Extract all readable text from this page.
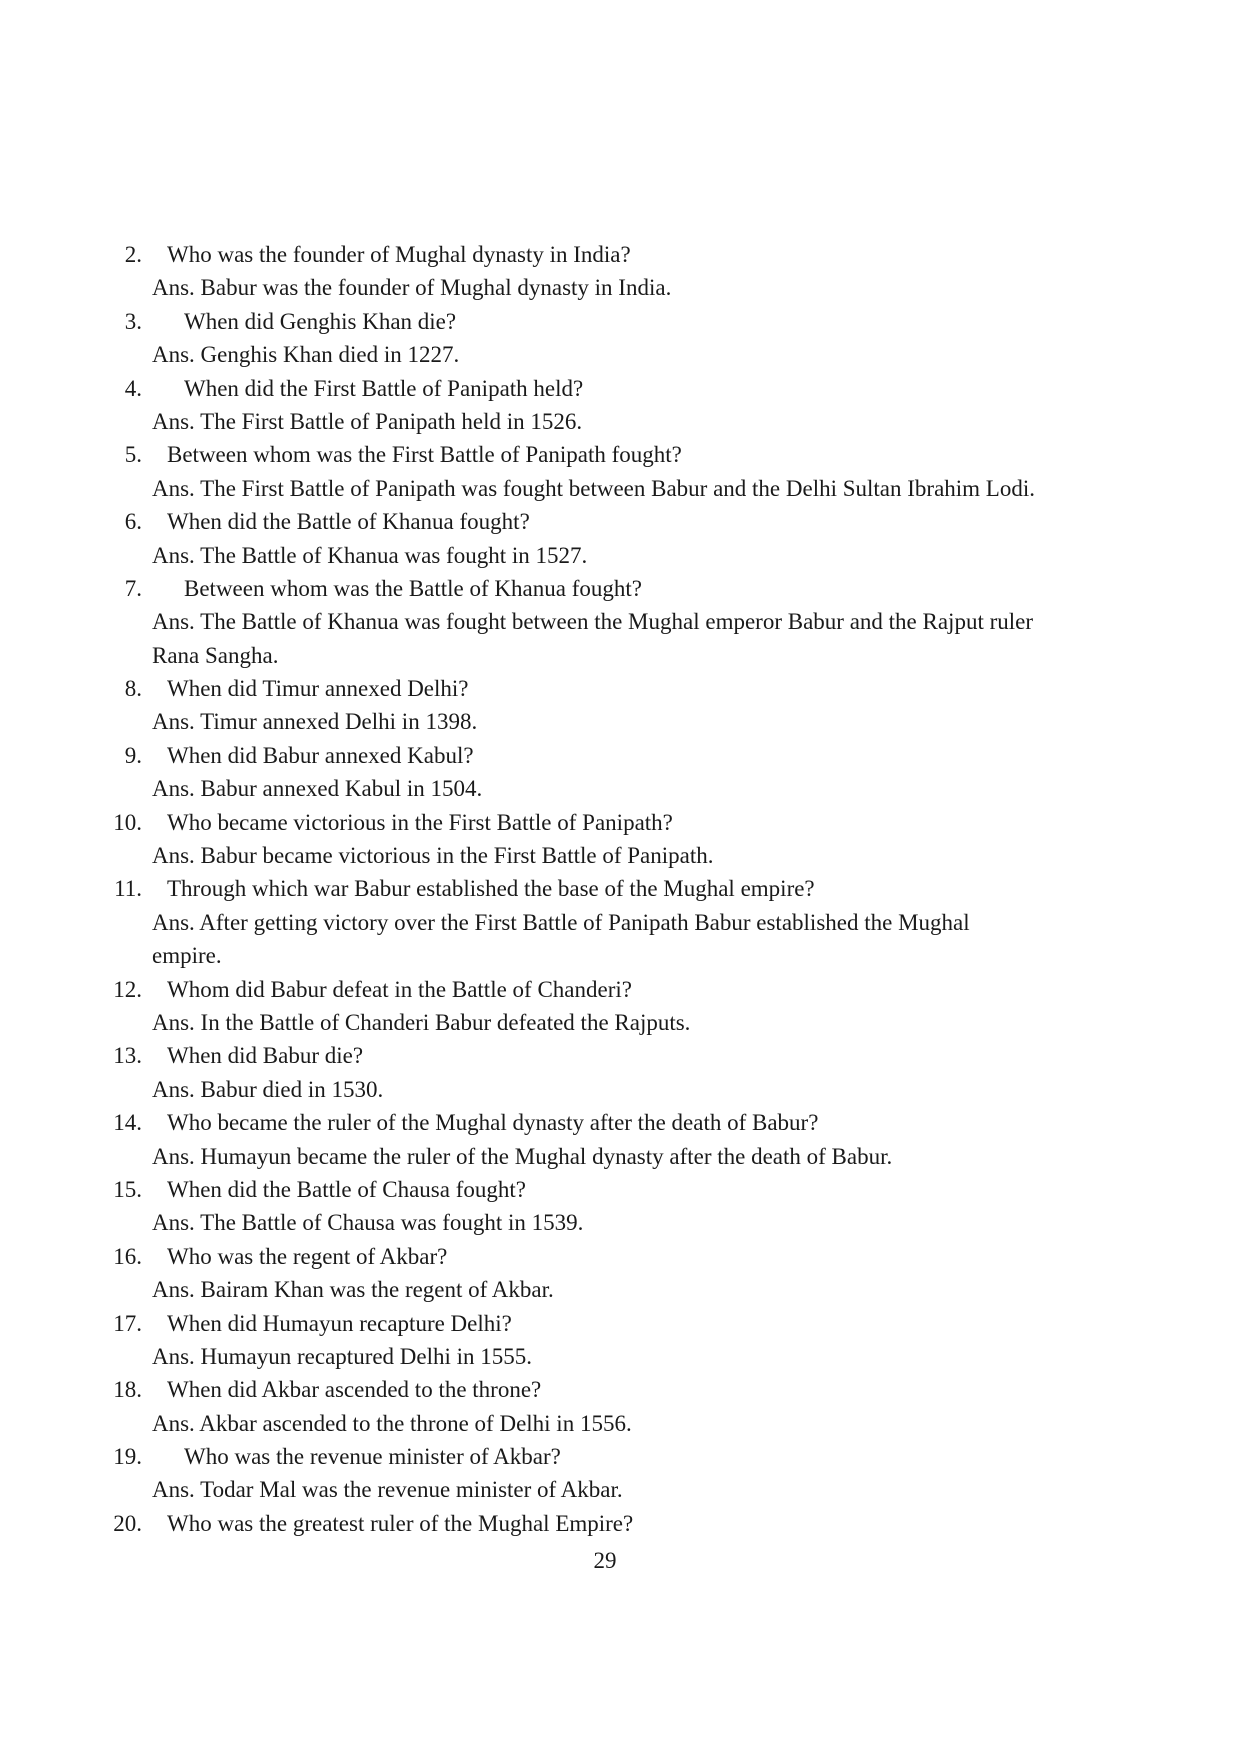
2. Who was the founder of Mughal dynasty in India?
Ans. Babur was the founder of Mughal dynasty in India.
3. When did Genghis Khan die?
Ans. Genghis Khan died in 1227.
4. When did the First Battle of Panipath held?
Ans. The First Battle of Panipath held in 1526.
5. Between whom was the First Battle of Panipath fought?
Ans. The First Battle of Panipath was fought between Babur and the Delhi Sultan Ibrahim Lodi.
6. When did the Battle of Khanua fought?
Ans. The Battle of Khanua was fought in 1527.
7. Between whom was the Battle of Khanua fought?
Ans. The Battle of Khanua was fought between the Mughal emperor Babur and the Rajput ruler
Rana Sangha.
8. When did Timur annexed Delhi?
Ans. Timur annexed Delhi in 1398.
9. When did Babur annexed Kabul?
Ans. Babur annexed Kabul in 1504.
10. Who became victorious in the First Battle of Panipath?
Ans. Babur became victorious in the First Battle of Panipath.
11. Through which war Babur established the base of the Mughal empire?
Ans. After getting victory over the First Battle of Panipath Babur established the Mughal
empire.
12. Whom did Babur defeat in the Battle of Chanderi?
Ans. In the Battle of Chanderi Babur defeated the Rajputs.
13. When did Babur die?
Ans. Babur died in 1530.
14. Who became the ruler of the Mughal dynasty after the death of Babur?
Ans. Humayun became the ruler of the Mughal dynasty after the death of Babur.
15. When did the Battle of Chausa fought?
Ans. The Battle of Chausa was fought in 1539.
16. Who was the regent of Akbar?
Ans. Bairam Khan was the regent of Akbar.
17. When did Humayun recapture Delhi?
Ans. Humayun recaptured Delhi in 1555.
18. When did Akbar ascended to the throne?
Ans. Akbar ascended to the throne of Delhi in 1556.
19. Who was the revenue minister of Akbar?
Ans. Todar Mal was the revenue minister of Akbar.
20. Who was the greatest ruler of the Mughal Empire?
29
